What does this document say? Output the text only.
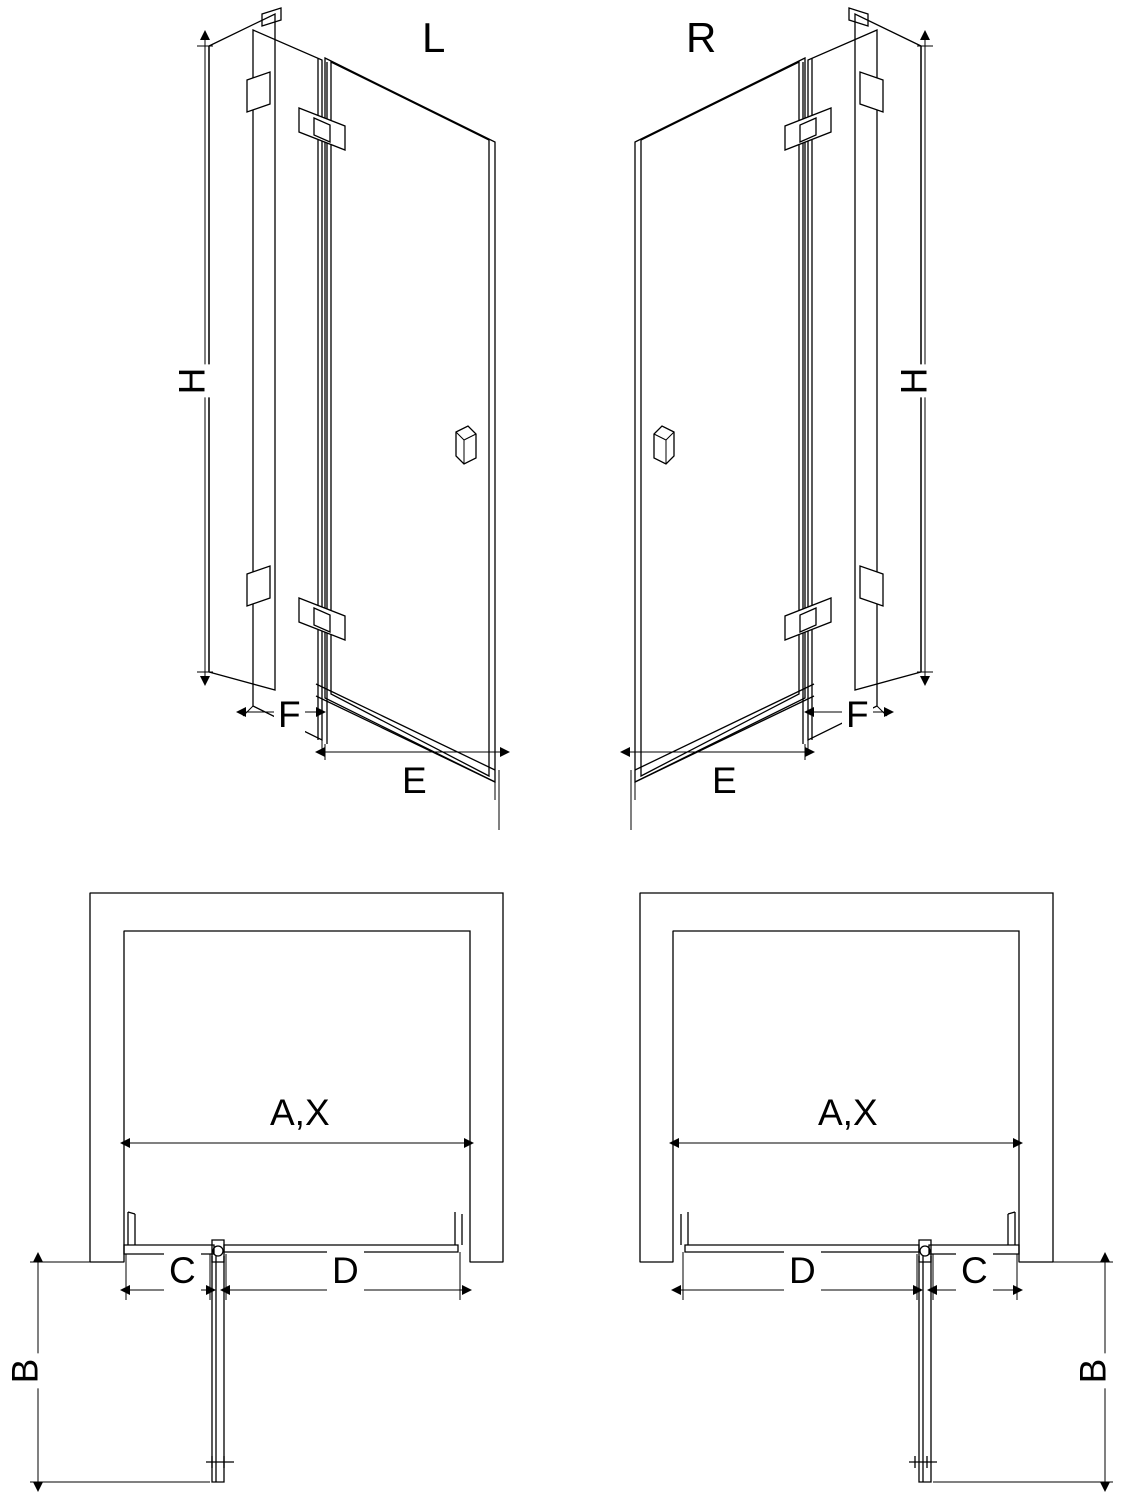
L	R
H	H
F
E
F
E
A,X	A,X
C	D
B
C
D
B
